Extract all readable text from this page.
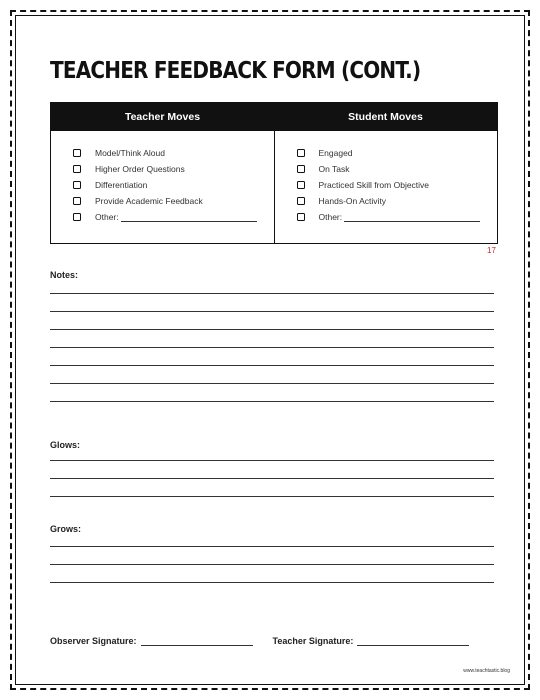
TEACHER FEEDBACK FORM (CONT.)
Teacher Moves	Student Moves
Model/Think Aloud
Higher Order Questions
Differentiation
Provide Academic Feedback
Other:
Engaged
On Task
Practiced Skill from Objective
Hands-On Activity
Other:
17
Notes:
Glows:
Grows:
Observer Signature:	Teacher Signature:
www.teachtastic.blog
